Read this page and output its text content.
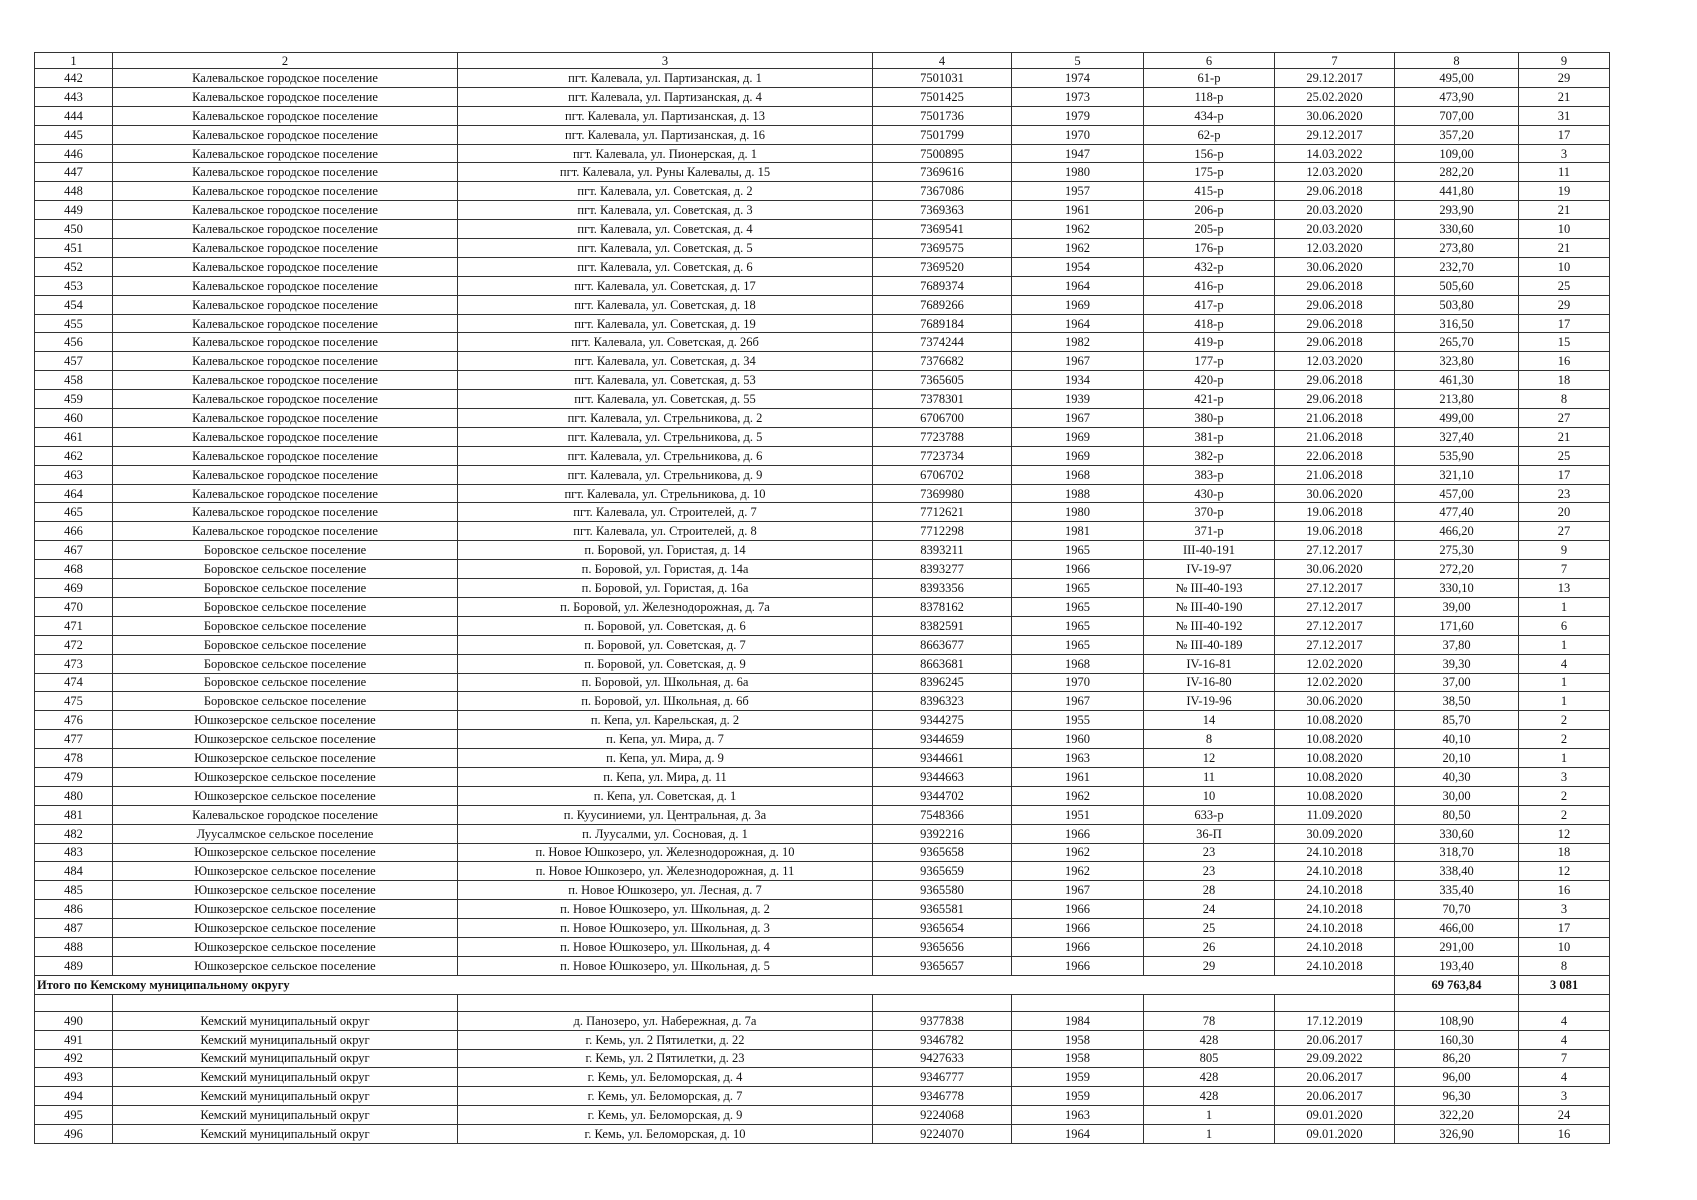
1	2	3	4	5	6	7	8	9
442	Калевальское городское поселение	пгт. Калевала, ул. Партизанская, д. 1	7501031	1974	61-р	29.12.2017	495,00	29
443	Калевальское городское поселение	пгт. Калевала, ул. Партизанская, д. 4	7501425	1973	118-р	25.02.2020	473,90	21
444	Калевальское городское поселение	пгт. Калевала, ул. Партизанская, д. 13	7501736	1979	434-р	30.06.2020	707,00	31
445	Калевальское городское поселение	пгт. Калевала, ул. Партизанская, д. 16	7501799	1970	62-р	29.12.2017	357,20	17
446	Калевальское городское поселение	пгт. Калевала, ул. Пионерская, д. 1	7500895	1947	156-р	14.03.2022	109,00	3
447	Калевальское городское поселение	пгт. Калевала, ул. Руны Калевалы, д. 15	7369616	1980	175-р	12.03.2020	282,20	11
448	Калевальское городское поселение	пгт. Калевала, ул. Советская, д. 2	7367086	1957	415-р	29.06.2018	441,80	19
449	Калевальское городское поселение	пгт. Калевала, ул. Советская, д. 3	7369363	1961	206-р	20.03.2020	293,90	21
450	Калевальское городское поселение	пгт. Калевала, ул. Советская, д. 4	7369541	1962	205-р	20.03.2020	330,60	10
451	Калевальское городское поселение	пгт. Калевала, ул. Советская, д. 5	7369575	1962	176-р	12.03.2020	273,80	21
452	Калевальское городское поселение	пгт. Калевала, ул. Советская, д. 6	7369520	1954	432-р	30.06.2020	232,70	10
453	Калевальское городское поселение	пгт. Калевала, ул. Советская, д. 17	7689374	1964	416-р	29.06.2018	505,60	25
454	Калевальское городское поселение	пгт. Калевала, ул. Советская, д. 18	7689266	1969	417-р	29.06.2018	503,80	29
455	Калевальское городское поселение	пгт. Калевала, ул. Советская, д. 19	7689184	1964	418-р	29.06.2018	316,50	17
456	Калевальское городское поселение	пгт. Калевала, ул. Советская, д. 26б	7374244	1982	419-р	29.06.2018	265,70	15
457	Калевальское городское поселение	пгт. Калевала, ул. Советская, д. 34	7376682	1967	177-р	12.03.2020	323,80	16
458	Калевальское городское поселение	пгт. Калевала, ул. Советская, д. 53	7365605	1934	420-р	29.06.2018	461,30	18
459	Калевальское городское поселение	пгт. Калевала, ул. Советская, д. 55	7378301	1939	421-р	29.06.2018	213,80	8
460	Калевальское городское поселение	пгт. Калевала, ул. Стрельникова, д. 2	6706700	1967	380-р	21.06.2018	499,00	27
461	Калевальское городское поселение	пгт. Калевала, ул. Стрельникова, д. 5	7723788	1969	381-р	21.06.2018	327,40	21
462	Калевальское городское поселение	пгт. Калевала, ул. Стрельникова, д. 6	7723734	1969	382-р	22.06.2018	535,90	25
463	Калевальское городское поселение	пгт. Калевала, ул. Стрельникова, д. 9	6706702	1968	383-р	21.06.2018	321,10	17
464	Калевальское городское поселение	пгт. Калевала, ул. Стрельникова, д. 10	7369980	1988	430-р	30.06.2020	457,00	23
465	Калевальское городское поселение	пгт. Калевала, ул. Строителей, д. 7	7712621	1980	370-р	19.06.2018	477,40	20
466	Калевальское городское поселение	пгт. Калевала, ул. Строителей, д. 8	7712298	1981	371-р	19.06.2018	466,20	27
467	Боровское сельское поселение	п. Боровой, ул. Гористая, д. 14	8393211	1965	III-40-191	27.12.2017	275,30	9
468	Боровское сельское поселение	п. Боровой, ул. Гористая, д. 14а	8393277	1966	IV-19-97	30.06.2020	272,20	7
469	Боровское сельское поселение	п. Боровой, ул. Гористая, д. 16а	8393356	1965	№ III-40-193	27.12.2017	330,10	13
470	Боровское сельское поселение	п. Боровой, ул. Железнодорожная, д. 7а	8378162	1965	№ III-40-190	27.12.2017	39,00	1
471	Боровское сельское поселение	п. Боровой, ул. Советская, д. 6	8382591	1965	№ III-40-192	27.12.2017	171,60	6
472	Боровское сельское поселение	п. Боровой, ул. Советская, д. 7	8663677	1965	№ III-40-189	27.12.2017	37,80	1
473	Боровское сельское поселение	п. Боровой, ул. Советская, д. 9	8663681	1968	IV-16-81	12.02.2020	39,30	4
474	Боровское сельское поселение	п. Боровой, ул. Школьная, д. 6а	8396245	1970	IV-16-80	12.02.2020	37,00	1
475	Боровское сельское поселение	п. Боровой, ул. Школьная, д. 6б	8396323	1967	IV-19-96	30.06.2020	38,50	1
476	Юшкозерское сельское поселение	п. Кепа, ул. Карельская, д. 2	9344275	1955	14	10.08.2020	85,70	2
477	Юшкозерское сельское поселение	п. Кепа, ул. Мира, д. 7	9344659	1960	8	10.08.2020	40,10	2
478	Юшкозерское сельское поселение	п. Кепа, ул. Мира, д. 9	9344661	1963	12	10.08.2020	20,10	1
479	Юшкозерское сельское поселение	п. Кепа, ул. Мира, д. 11	9344663	1961	11	10.08.2020	40,30	3
480	Юшкозерское сельское поселение	п. Кепа, ул. Советская, д. 1	9344702	1962	10	10.08.2020	30,00	2
481	Калевальское городское поселение	п. Куусиниеми, ул. Центральная, д. 3а	7548366	1951	633-р	11.09.2020	80,50	2
482	Луусалмское сельское поселение	п. Луусалми, ул. Сосновая, д. 1	9392216	1966	36-П	30.09.2020	330,60	12
483	Юшкозерское сельское поселение	п. Новое Юшкозеро, ул. Железнодорожная, д. 10	9365658	1962	23	24.10.2018	318,70	18
484	Юшкозерское сельское поселение	п. Новое Юшкозеро, ул. Железнодорожная, д. 11	9365659	1962	23	24.10.2018	338,40	12
485	Юшкозерское сельское поселение	п. Новое Юшкозеро, ул. Лесная, д. 7	9365580	1967	28	24.10.2018	335,40	16
486	Юшкозерское сельское поселение	п. Новое Юшкозеро, ул. Школьная, д. 2	9365581	1966	24	24.10.2018	70,70	3
487	Юшкозерское сельское поселение	п. Новое Юшкозеро, ул. Школьная, д. 3	9365654	1966	25	24.10.2018	466,00	17
488	Юшкозерское сельское поселение	п. Новое Юшкозеро, ул. Школьная, д. 4	9365656	1966	26	24.10.2018	291,00	10
489	Юшкозерское сельское поселение	п. Новое Юшкозеро, ул. Школьная, д. 5	9365657	1966	29	24.10.2018	193,40	8
Итого по Кемскому муниципальному округу							69 763,84	3 081

490	Кемский муниципальный округ	д. Панозеро, ул. Набережная, д. 7а	9377838	1984	78	17.12.2019	108,90	4
491	Кемский муниципальный округ	г. Кемь, ул. 2 Пятилетки, д. 22	9346782	1958	428	20.06.2017	160,30	4
492	Кемский муниципальный округ	г. Кемь, ул. 2 Пятилетки, д. 23	9427633	1958	805	29.09.2022	86,20	7
493	Кемский муниципальный округ	г. Кемь, ул. Беломорская, д. 4	9346777	1959	428	20.06.2017	96,00	4
494	Кемский муниципальный округ	г. Кемь, ул. Беломорская, д. 7	9346778	1959	428	20.06.2017	96,30	3
495	Кемский муниципальный округ	г. Кемь, ул. Беломорская, д. 9	9224068	1963	1	09.01.2020	322,20	24
496	Кемский муниципальный округ	г. Кемь, ул. Беломорская, д. 10	9224070	1964	1	09.01.2020	326,90	16
